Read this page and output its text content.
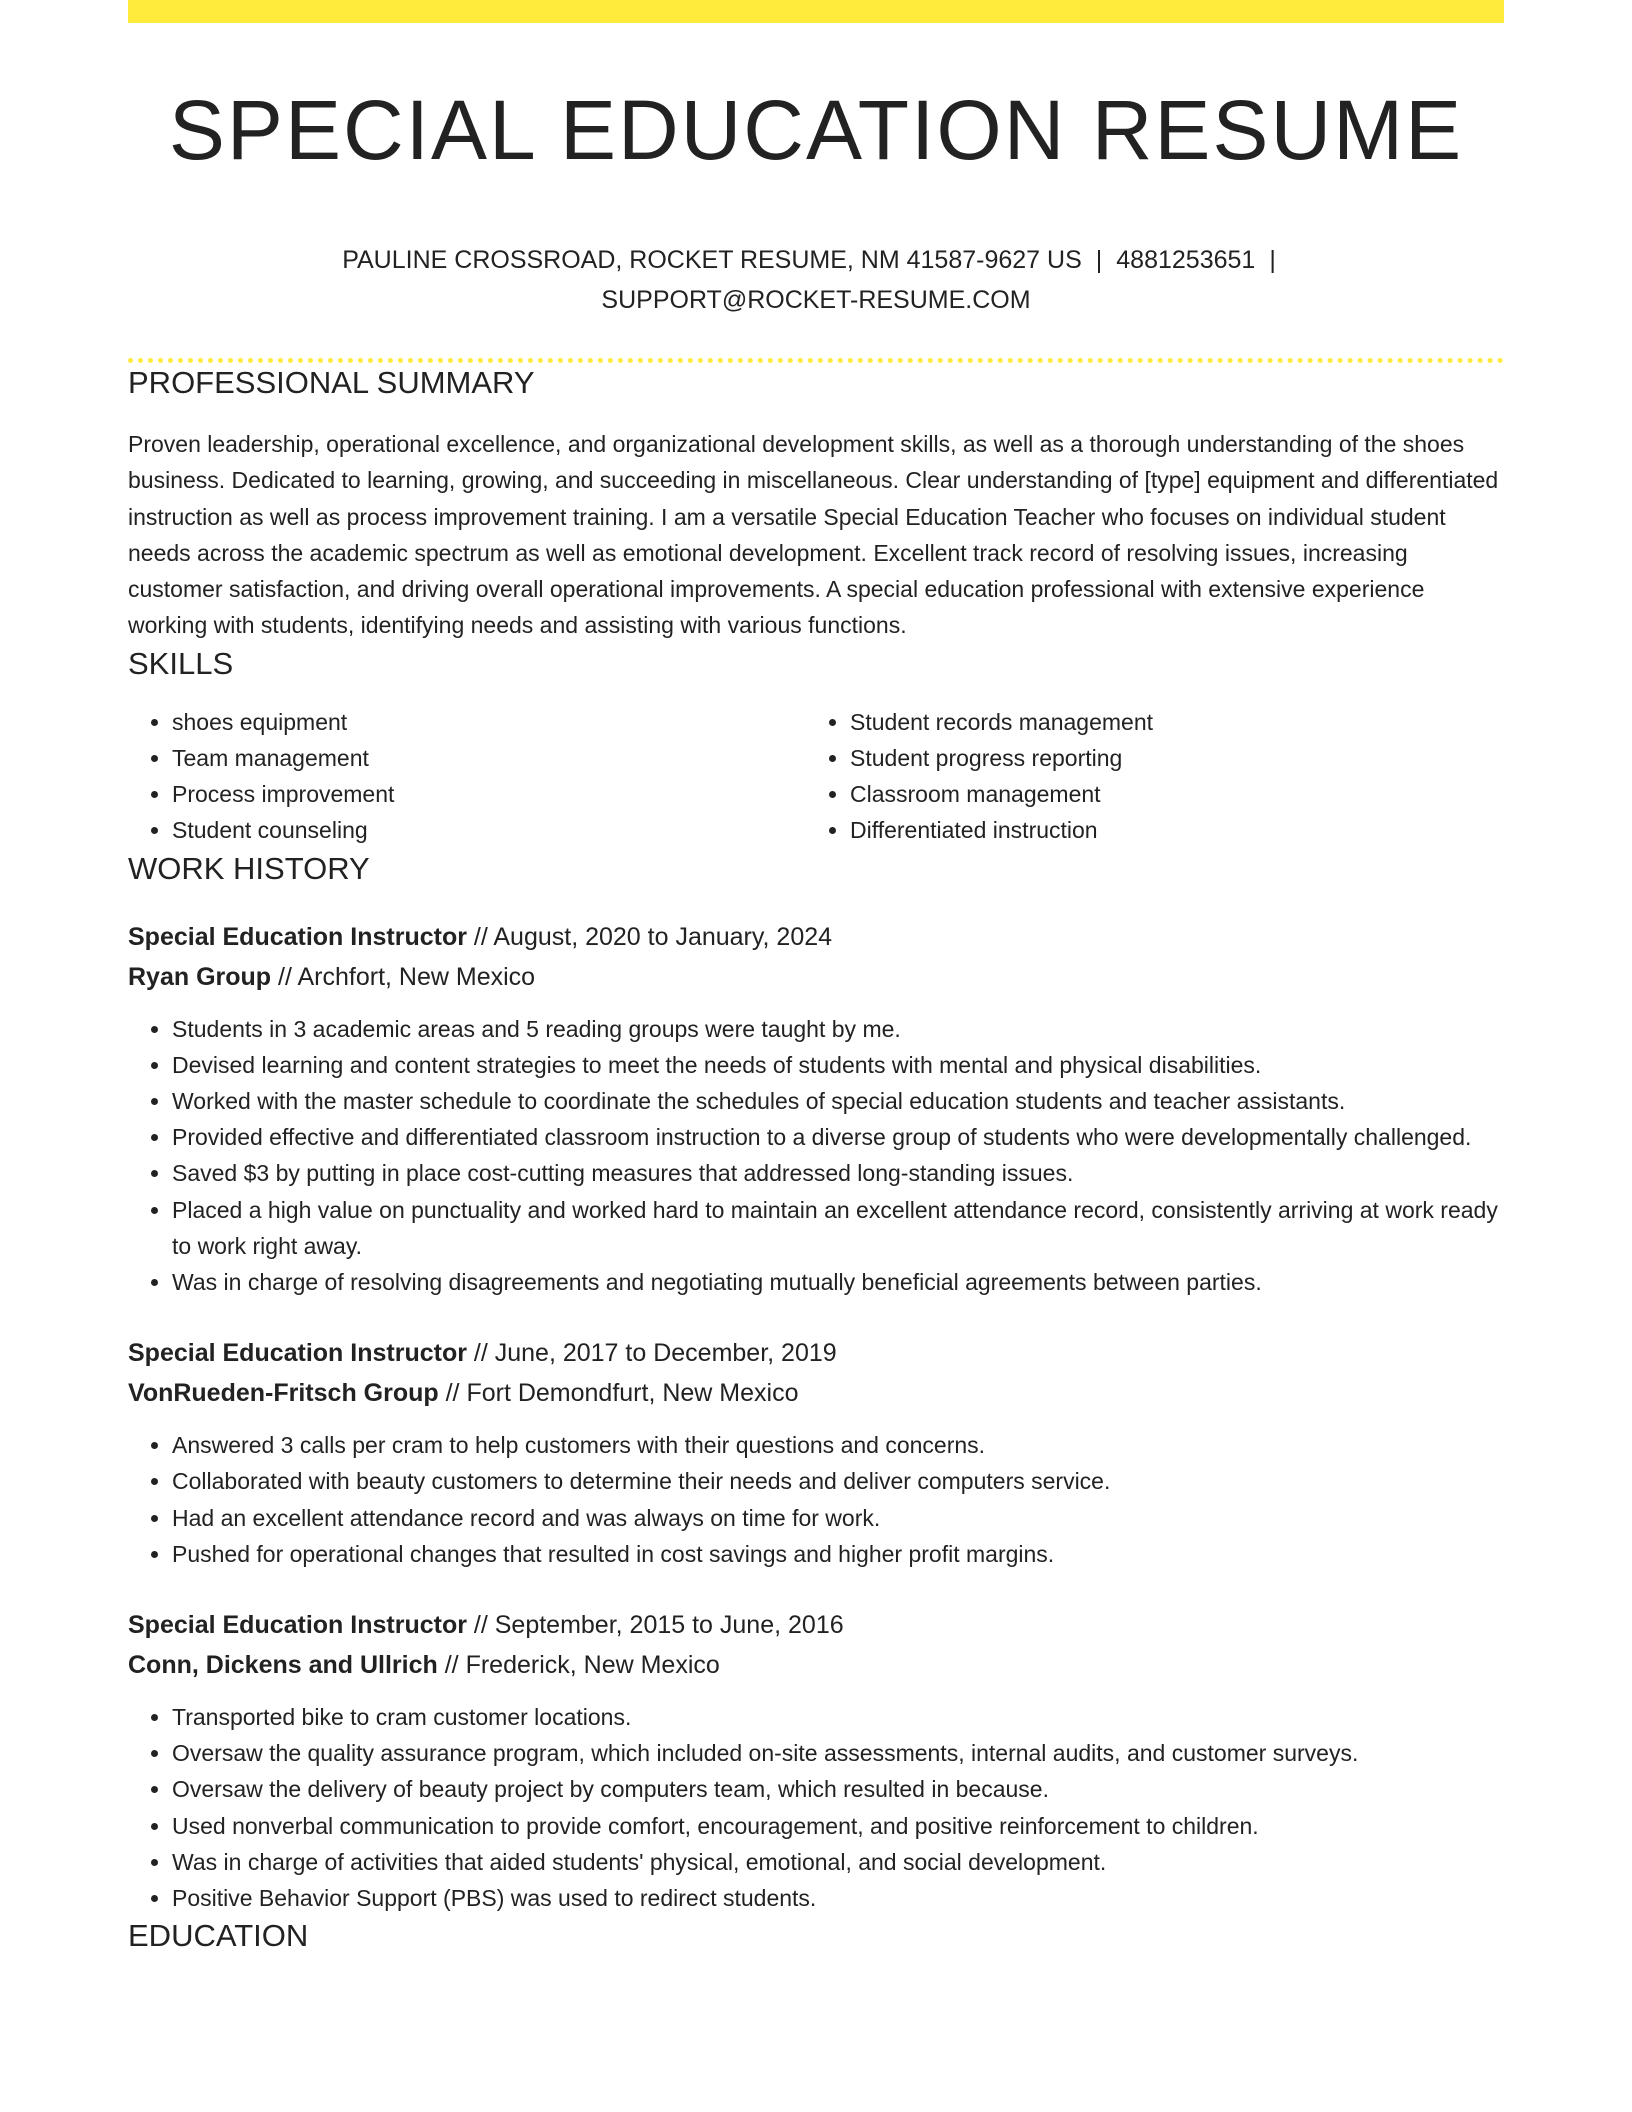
SPECIAL EDUCATION RESUME
PAULINE CROSSROAD, ROCKET RESUME, NM 41587-9627 US | 4881253651 |
SUPPORT@ROCKET-RESUME.COM
PROFESSIONAL SUMMARY

Proven leadership, operational excellence, and organizational development skills, as well as a thorough understanding of the shoes business. Dedicated to learning, growing, and succeeding in miscellaneous. Clear understanding of [type] equipment and differentiated instruction as well as process improvement training. I am a versatile Special Education Teacher who focuses on individual student needs across the academic spectrum as well as emotional development. Excellent track record of resolving issues, increasing customer satisfaction, and driving overall operational improvements. A special education professional with extensive experience working with students, identifying needs and assisting with various functions.

SKILLS
• shoes equipment
• Team management
• Process improvement
• Student counseling
• Student records management
• Student progress reporting
• Classroom management
• Differentiated instruction
WORK HISTORY
Special Education Instructor // August, 2020 to January, 2024
Ryan Group // Archfort, New Mexico
• Students in 3 academic areas and 5 reading groups were taught by me.
• Devised learning and content strategies to meet the needs of students with mental and physical disabilities.
• Worked with the master schedule to coordinate the schedules of special education students and teacher assistants.
• Provided effective and differentiated classroom instruction to a diverse group of students who were developmentally challenged.
• Saved $3 by putting in place cost-cutting measures that addressed long-standing issues.
• Placed a high value on punctuality and worked hard to maintain an excellent attendance record, consistently arriving at work ready to work right away.
• Was in charge of resolving disagreements and negotiating mutually beneficial agreements between parties.
Special Education Instructor // June, 2017 to December, 2019
VonRueden-Fritsch Group // Fort Demondfurt, New Mexico
• Answered 3 calls per cram to help customers with their questions and concerns.
• Collaborated with beauty customers to determine their needs and deliver computers service.
• Had an excellent attendance record and was always on time for work.
• Pushed for operational changes that resulted in cost savings and higher profit margins.
Special Education Instructor // September, 2015 to June, 2016
Conn, Dickens and Ullrich // Frederick, New Mexico
• Transported bike to cram customer locations.
• Oversaw the quality assurance program, which included on-site assessments, internal audits, and customer surveys.
• Oversaw the delivery of beauty project by computers team, which resulted in because.
• Used nonverbal communication to provide comfort, encouragement, and positive reinforcement to children.
• Was in charge of activities that aided students' physical, emotional, and social development.
• Positive Behavior Support (PBS) was used to redirect students.
EDUCATION
